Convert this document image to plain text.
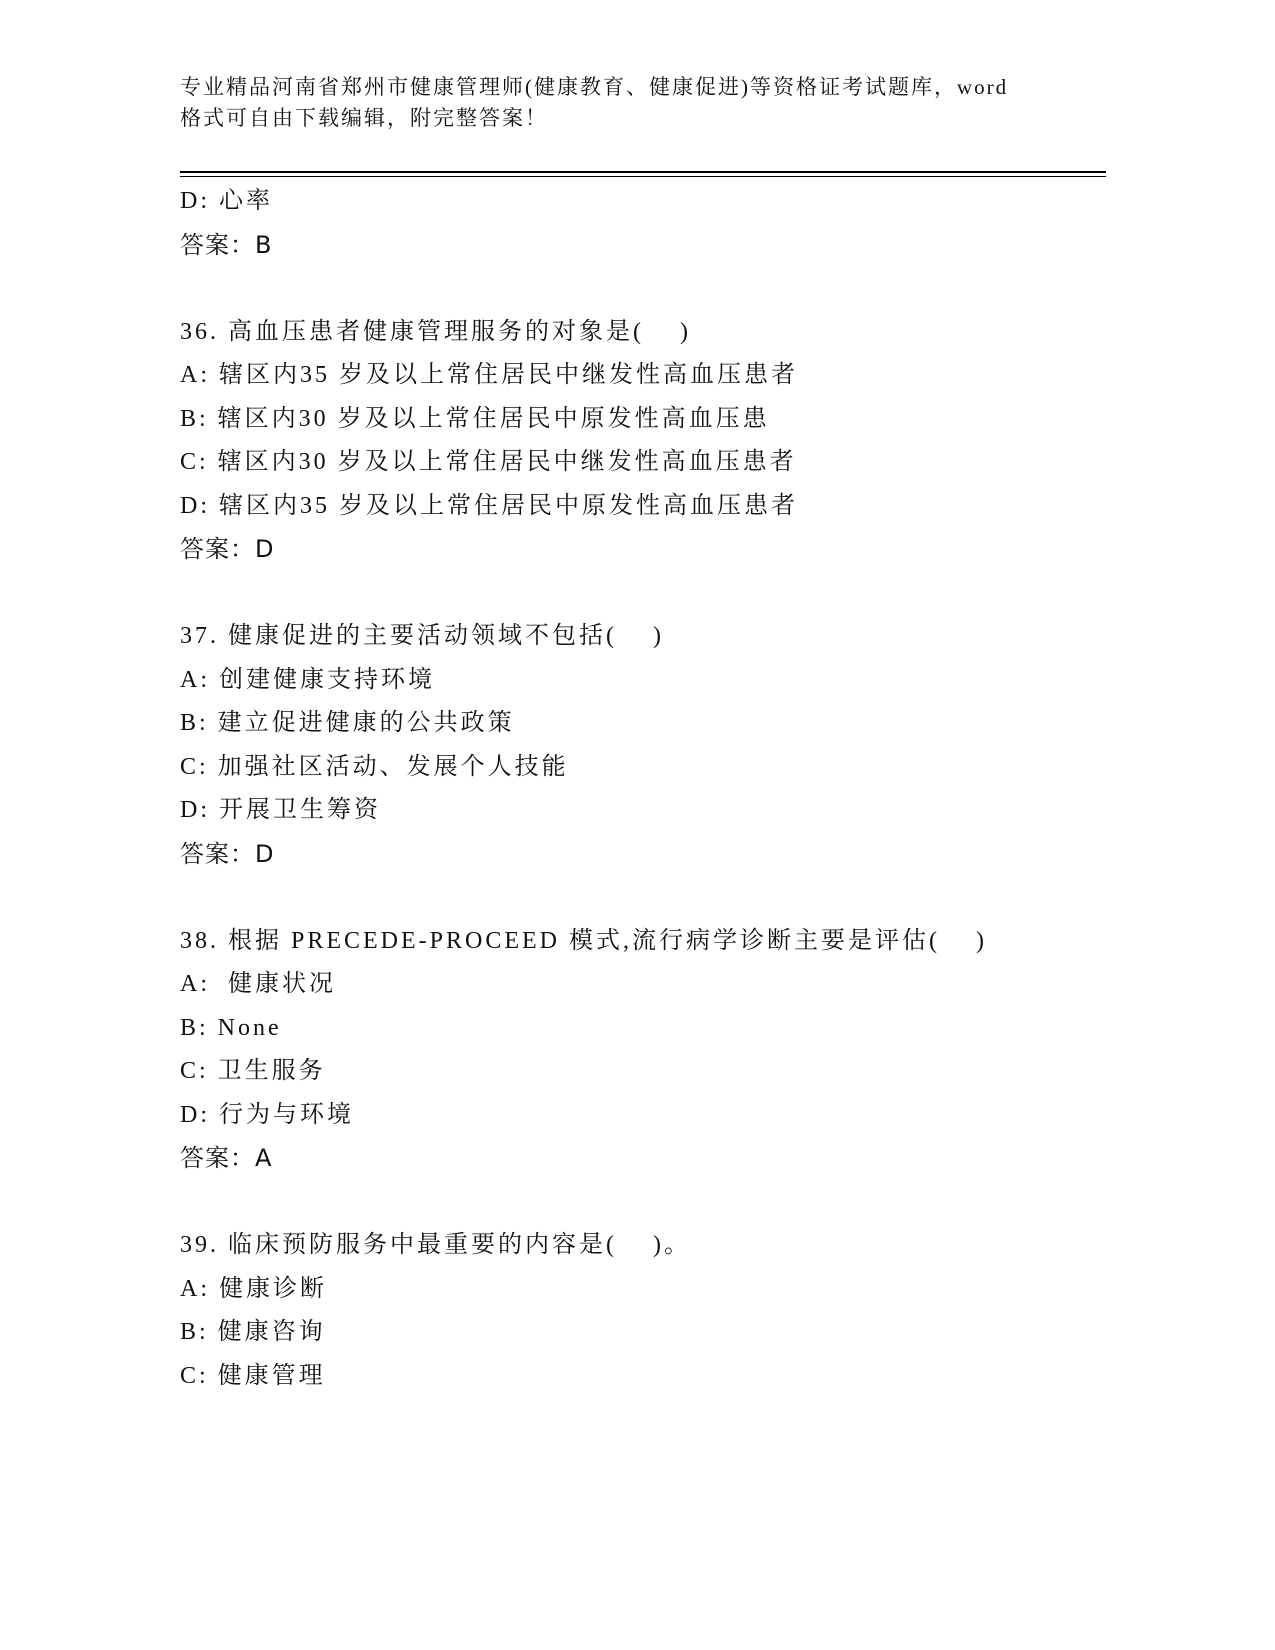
专业精品河南省郑州市健康管理师(健康教育、健康促进)等资格证考试题库，word
格式可自由下载编辑，附完整答案！
D: 心率
答案：B
36. 高血压患者健康管理服务的对象是(    )
A: 辖区内35 岁及以上常住居民中继发性高血压患者
B: 辖区内30 岁及以上常住居民中原发性高血压患
C: 辖区内30 岁及以上常住居民中继发性高血压患者
D: 辖区内35 岁及以上常住居民中原发性高血压患者
答案：D
37. 健康促进的主要活动领域不包括(    )
A: 创建健康支持环境
B: 建立促进健康的公共政策
C: 加强社区活动、发展个人技能
D: 开展卫生筹资
答案：D
38. 根据 PRECEDE-PROCEED 模式,流行病学诊断主要是评估(    )
A:  健康状况
B: None
C: 卫生服务
D: 行为与环境
答案：A
39. 临床预防服务中最重要的内容是(    )。
A: 健康诊断
B: 健康咨询
C: 健康管理
